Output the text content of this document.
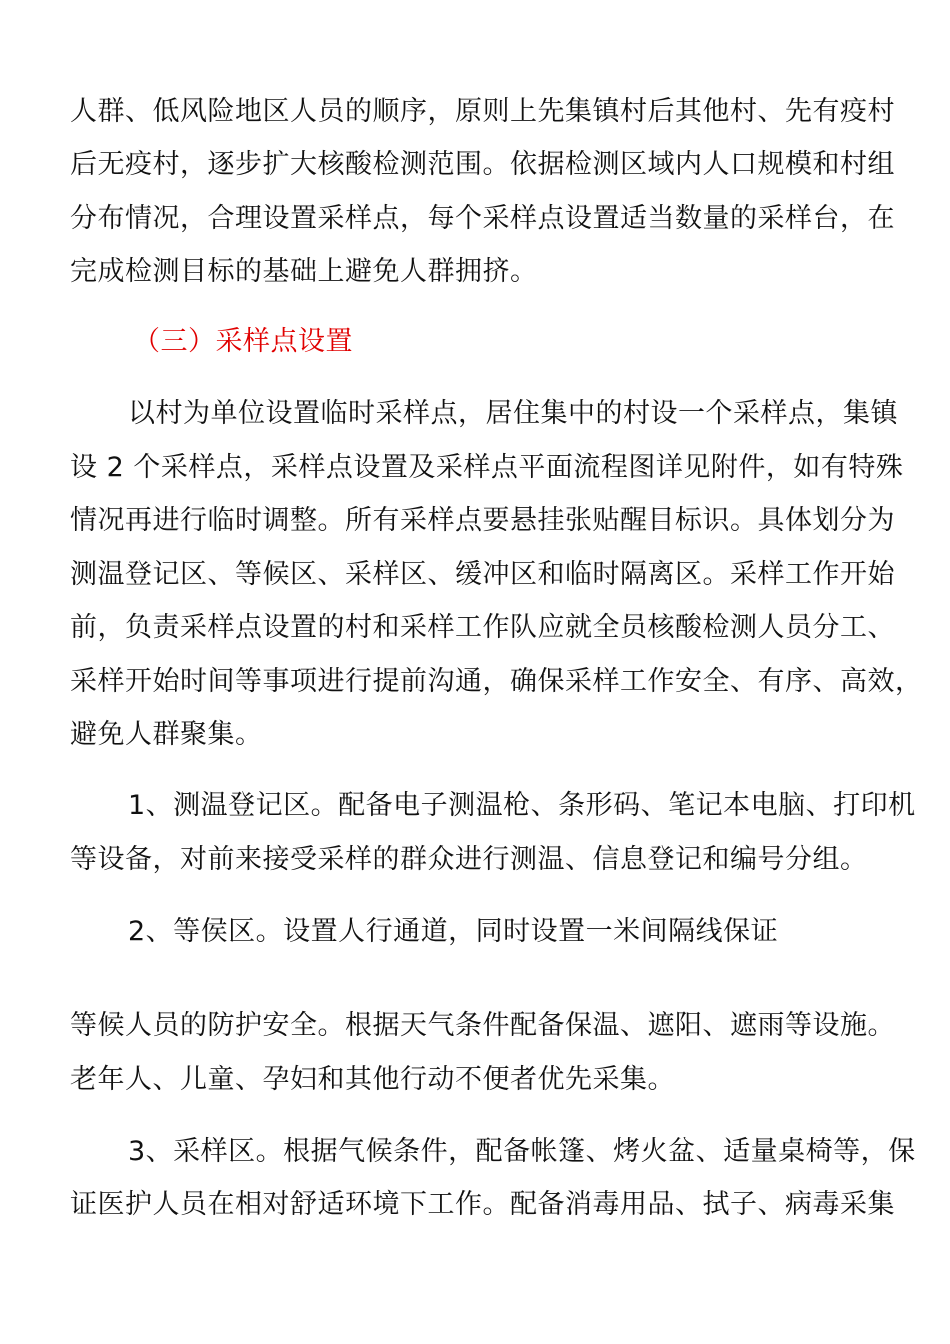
人群、低风险地区人员的顺序，原则上先集镇村后其他村、先有疫村
后无疫村，逐步扩大核酸检测范围。依据检测区域内人口规模和村组
分布情况，合理设置采样点，每个采样点设置适当数量的采样台，在
完成检测目标的基础上避免人群拥挤。
（三）采样点设置
以村为单位设置临时采样点，居住集中的村设一个采样点，集镇
设 2 个采样点，采样点设置及采样点平面流程图详见附件，如有特殊
情况再进行临时调整。所有采样点要悬挂张贴醒目标识。具体划分为
测温登记区、等候区、采样区、缓冲区和临时隔离区。采样工作开始
前，负责采样点设置的村和采样工作队应就全员核酸检测人员分工、
采样开始时间等事项进行提前沟通，确保采样工作安全、有序、高效，
避免人群聚集。
1、测温登记区。配备电子测温枪、条形码、笔记本电脑、打印机
等设备，对前来接受采样的群众进行测温、信息登记和编号分组。
2、等侯区。设置人行通道，同时设置一米间隔线保证
等候人员的防护安全。根据天气条件配备保温、遮阳、遮雨等设施。
老年人、儿童、孕妇和其他行动不便者优先采集。
3、采样区。根据气候条件，配备帐篷、烤火盆、适量桌椅等，保
证医护人员在相对舒适环境下工作。配备消毒用品、拭子、病毒采集
